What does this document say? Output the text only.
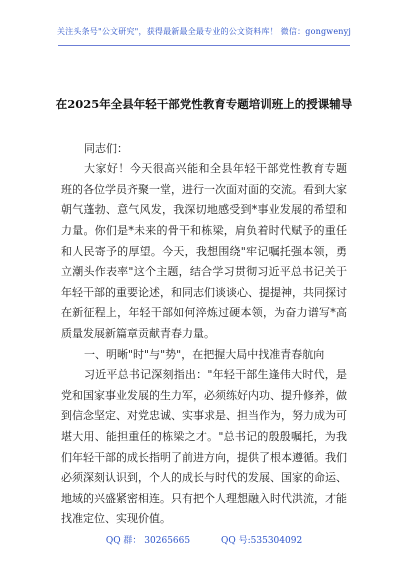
关注头条号"公文研究"，获得最新最全最专业的公文资料库！ 微信：gongwenyj
在2025年全县年轻干部党性教育专题培训班上的授课辅导

同志们：

大家好！今天很高兴能和全县年轻干部党性教育专题班的各位学员齐聚一堂，进行一次面对面的交流。看到大家朝气蓬勃、意气风发，我深切地感受到*事业发展的希望和力量。你们是*未来的骨干和栋梁，肩负着时代赋予的重任和人民寄予的厚望。今天，我想围绕"牢记嘱托强本领，勇立潮头作表率"这个主题，结合学习贯彻习近平总书记关于年轻干部的重要论述，和同志们谈谈心、提提神，共同探讨在新征程上，年轻干部如何淬炼过硬本领，为奋力谱写*高质量发展新篇章贡献青春力量。

一、明晰"时"与"势"，在把握大局中找准青春航向

习近平总书记深刻指出："年轻干部生逢伟大时代，是党和国家事业发展的生力军，必须练好内功、提升修养，做到信念坚定、对党忠诚、实事求是、担当作为，努力成为可堪大用、能担重任的栋梁之才。"总书记的殷殷嘱托，为我们年轻干部的成长指明了前进方向，提供了根本遵循。我们必须深刻认识到，个人的成长与时代的发展、国家的命运、地域的兴盛紧密相连。只有把个人理想融入时代洪流，才能找准定位、实现价值。

QQ 群： 30265665	QQ 号:535304092
